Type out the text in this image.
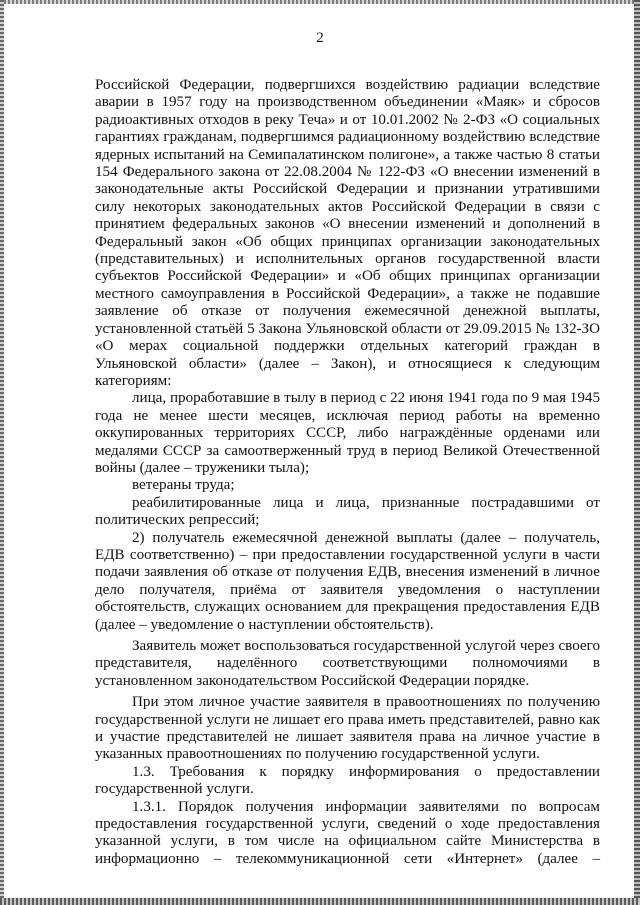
2

Российской Федерации, подвергшихся воздействию радиации вследствие аварии в 1957 году на производственном объединении «Маяк» и сбросов радиоактивных отходов в реку Теча» и от 10.01.2002 № 2-ФЗ «О социальных гарантиях гражданам, подвергшимся радиационному воздействию вследствие ядерных испытаний на Семипалатинском полигоне», а также частью 8 статьи 154 Федерального закона от 22.08.2004 № 122-ФЗ «О внесении изменений в законодательные акты Российской Федерации и признании утратившими силу некоторых законодательных актов Российской Федерации в связи с принятием федеральных законов «О внесении изменений и дополнений в Федеральный закон «Об общих принципах организации законодательных (представительных) и исполнительных органов государственной власти субъектов Российской Федерации» и «Об общих принципах организации местного самоуправления в Российской Федерации», а также не подавшие заявление об отказе от получения ежемесячной денежной выплаты, установленной статьёй 5 Закона Ульяновской области от 29.09.2015 № 132-ЗО «О мерах социальной поддержки отдельных категорий граждан в Ульяновской области» (далее – Закон), и относящиеся к следующим категориям:

лица, проработавшие в тылу в период с 22 июня 1941 года по 9 мая 1945 года не менее шести месяцев, исключая период работы на временно оккупированных территориях СССР, либо награждённые орденами или медалями СССР за самоотверженный труд в период Великой Отечественной войны (далее – труженики тыла);

ветераны труда;

реабилитированные лица и лица, признанные пострадавшими от политических репрессий;

2) получатель ежемесячной денежной выплаты (далее – получатель, ЕДВ соответственно) – при предоставлении государственной услуги в части подачи заявления об отказе от получения ЕДВ, внесения изменений в личное дело получателя, приёма от заявителя уведомления о наступлении обстоятельств, служащих основанием для прекращения предоставления ЕДВ (далее – уведомление о наступлении обстоятельств).

Заявитель может воспользоваться государственной услугой через своего представителя, наделённого соответствующими полномочиями в установленном законодательством Российской Федерации порядке.

При этом личное участие заявителя в правоотношениях по получению государственной услуги не лишает его права иметь представителей, равно как и участие представителей не лишает заявителя права на личное участие в указанных правоотношениях по получению государственной услуги.

1.3. Требования к порядку информирования о предоставлении государственной услуги.

1.3.1. Порядок получения информации заявителями по вопросам предоставления государственной услуги, сведений о ходе предоставления указанной услуги, в том числе на официальном сайте Министерства в информационно – телекоммуникационной сети «Интернет» (далее –
